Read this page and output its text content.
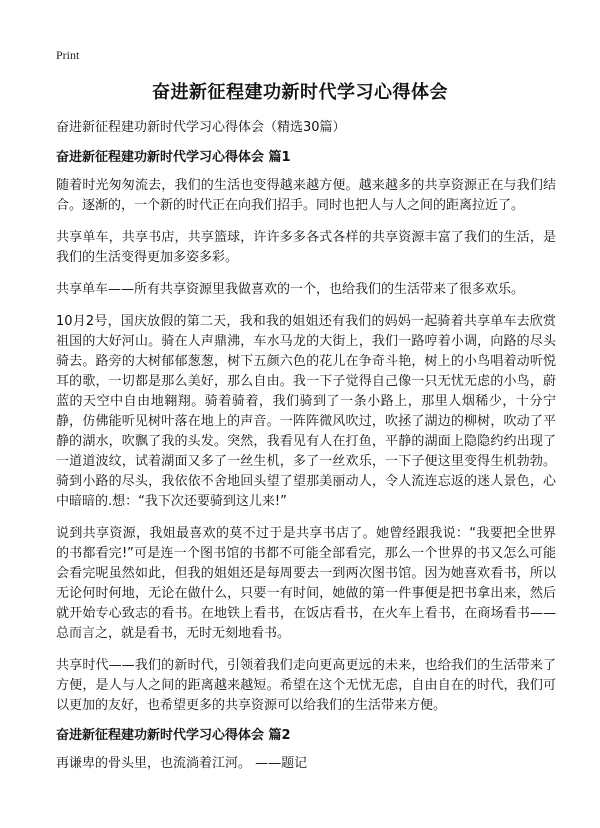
Print
奋进新征程建功新时代学习心得体会
奋进新征程建功新时代学习心得体会（精选30篇）
奋进新征程建功新时代学习心得体会 篇1
随着时光匆匆流去，我们的生活也变得越来越方便。越来越多的共享资源正在与我们结合。逐渐的，一个新的时代正在向我们招手。同时也把人与人之间的距离拉近了。
共享单车，共享书店，共享篮球，许许多多各式各样的共享资源丰富了我们的生活，是我们的生活变得更加多姿多彩。
共享单车——所有共享资源里我做喜欢的一个，也给我们的生活带来了很多欢乐。
10月2号，国庆放假的第二天，我和我的姐姐还有我们的妈妈一起骑着共享单车去欣赏祖国的大好河山。骑在人声鼎沸，车水马龙的大街上，我们一路哼着小调，向路的尽头骑去。路旁的大树郁郁葱葱，树下五颜六色的花儿在争奇斗艳，树上的小鸟唱着动听悦耳的歌，一切都是那么美好，那么自由。我一下子觉得自己像一只无忧无虑的小鸟，蔚蓝的天空中自由地翱翔。骑着骑着，我们骑到了一条小路上，那里人烟稀少，十分宁静，仿佛能听见树叶落在地上的声音。一阵阵微风吹过，吹拯了湖边的柳树，吹动了平静的湖水，吹飘了我的头发。突然，我看见有人在打鱼，平静的湖面上隐隐约约出现了一道道波纹，试着湖面又多了一丝生机，多了一丝欢乐，一下子便这里变得生机勃勃。骑到小路的尽头，我依依不舍地回头望了望那美丽动人，令人流连忘返的迷人景色，心中暗暗的.想：“我下次还要骑到这儿来!”
说到共享资源，我姐最喜欢的莫不过于是共享书店了。她曾经跟我说：“我要把全世界的书都看完!”可是连一个图书馆的书都不可能全部看完，那么一个世界的书又怎么可能会看完呢虽然如此，但我的姐姐还是每周要去一到两次图书馆。因为她喜欢看书，所以无论何时何地，无论在做什么，只要一有时间，她做的第一件事便是把书拿出来，然后就开始专心致志的看书。在地铁上看书，在饭店看书，在火车上看书，在商场看书——总而言之，就是看书，无时无刻地看书。
共享时代——我们的新时代，引领着我们走向更高更远的未来，也给我们的生活带来了方便，是人与人之间的距离越来越短。希望在这个无忧无虑，自由自在的时代，我们可以更加的友好，也希望更多的共享资源可以给我们的生活带来方便。
奋进新征程建功新时代学习心得体会 篇2
再谦卑的骨头里，也流淌着江河。 ——题记
